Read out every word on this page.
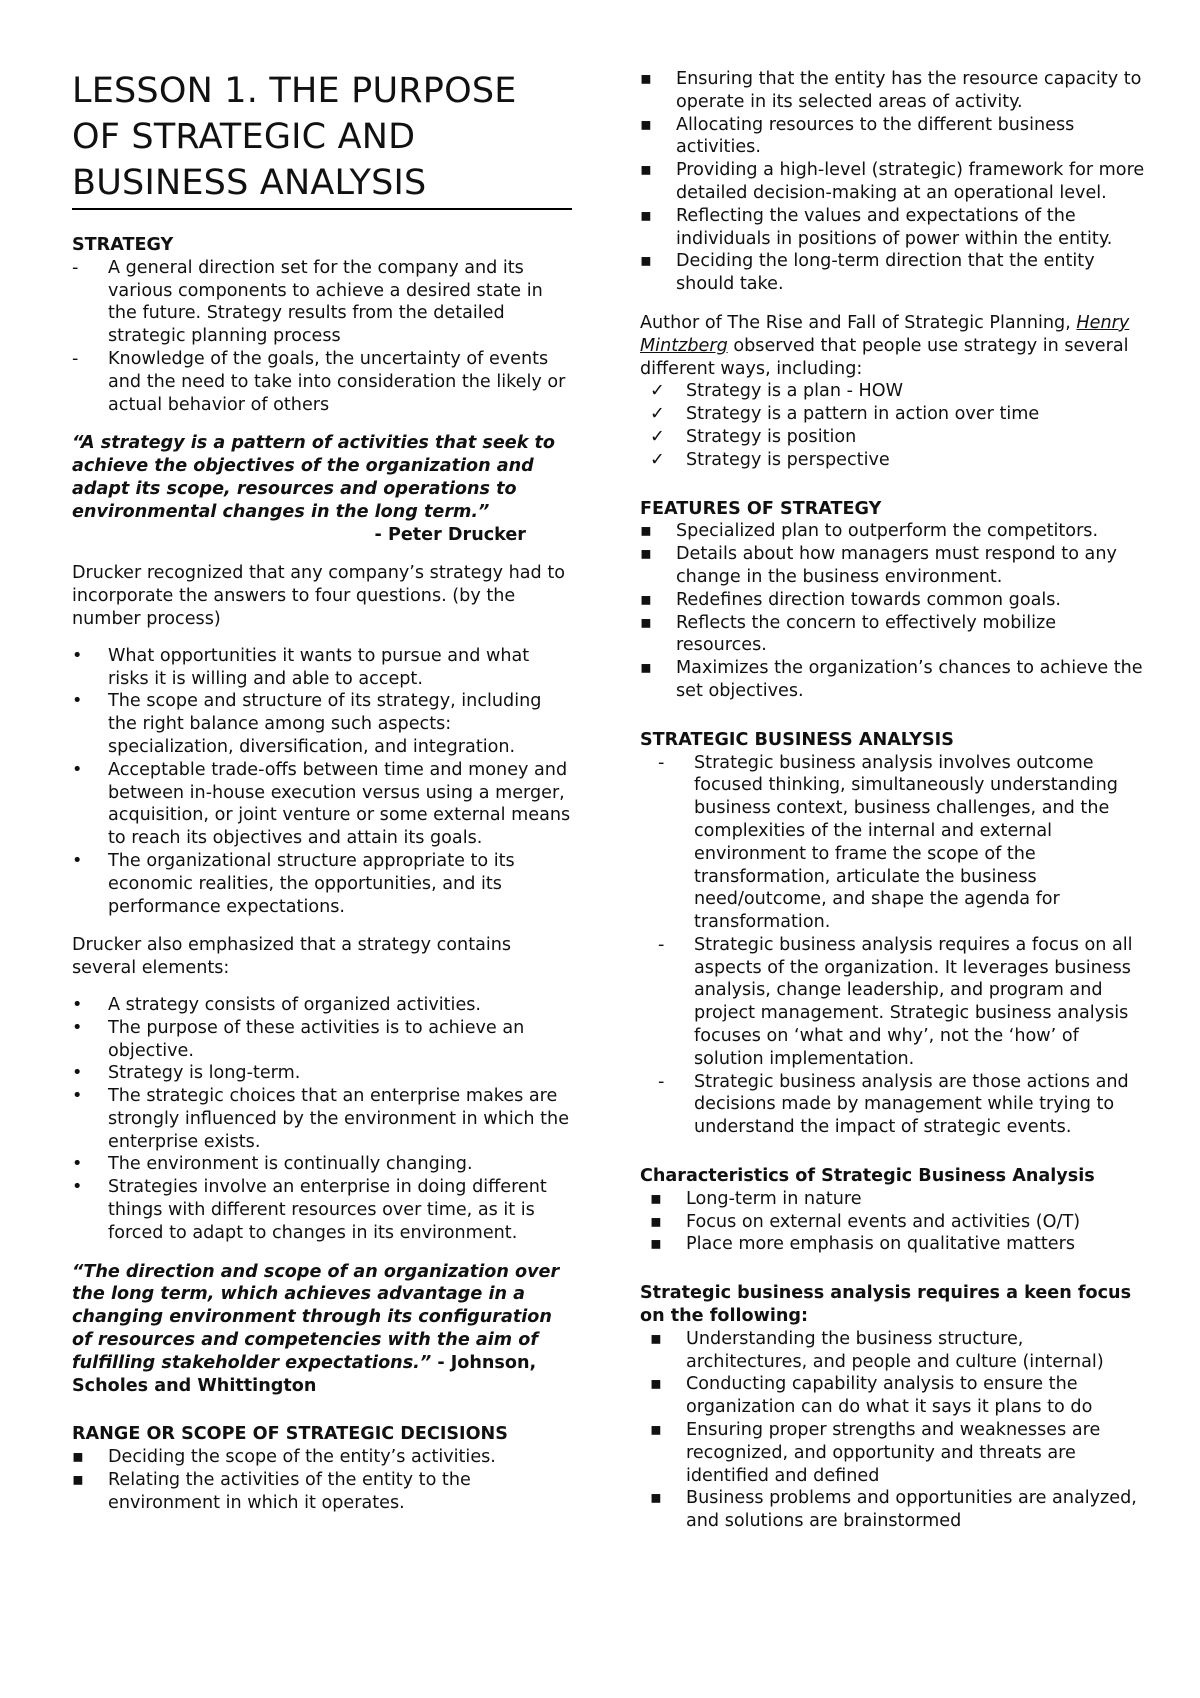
LESSON 1. THE PURPOSE OF STRATEGIC AND BUSINESS ANALYSIS
STRATEGY
-	A general direction set for the company and its various components to achieve a desired state in the future. Strategy results from the detailed strategic planning process
-	Knowledge of the goals, the uncertainty of events and the need to take into consideration the likely or actual behavior of others
“A strategy is a pattern of activities that seek to achieve the objectives of the organization and adapt its scope, resources and operations to environmental changes in the long term.”
- Peter Drucker
Drucker recognized that any company’s strategy had to incorporate the answers to four questions. (by the number process)
•	What opportunities it wants to pursue and what risks it is willing and able to accept.
•	The scope and structure of its strategy, including the right balance among such aspects: specialization, diversification, and integration.
•	Acceptable trade-offs between time and money and between in-house execution versus using a merger, acquisition, or joint venture or some external means to reach its objectives and attain its goals.
•	The organizational structure appropriate to its economic realities, the opportunities, and its performance expectations.
Drucker also emphasized that a strategy contains several elements:
•	A strategy consists of organized activities.
•	The purpose of these activities is to achieve an objective.
•	Strategy is long-term.
•	The strategic choices that an enterprise makes are strongly influenced by the environment in which the enterprise exists.
•	The environment is continually changing.
•	Strategies involve an enterprise in doing different things with different resources over time, as it is forced to adapt to changes in its environment.
“The direction and scope of an organization over the long term, which achieves advantage in a changing environment through its configuration of resources and competencies with the aim of fulfilling stakeholder expectations.” - Johnson, Scholes and Whittington
RANGE OR SCOPE OF STRATEGIC DECISIONS
▪	Deciding the scope of the entity’s activities.
▪	Relating the activities of the entity to the environment in which it operates.
▪	Ensuring that the entity has the resource capacity to operate in its selected areas of activity.
▪	Allocating resources to the different business activities.
▪	Providing a high-level (strategic) framework for more detailed decision-making at an operational level.
▪	Reflecting the values and expectations of the individuals in positions of power within the entity.
▪	Deciding the long-term direction that the entity should take.
Author of The Rise and Fall of Strategic Planning, Henry Mintzberg observed that people use strategy in several different ways, including:
✓	Strategy is a plan - HOW
✓	Strategy is a pattern in action over time
✓	Strategy is position
✓	Strategy is perspective
FEATURES OF STRATEGY
▪	Specialized plan to outperform the competitors.
▪	Details about how managers must respond to any change in the business environment.
▪	Redefines direction towards common goals.
▪	Reflects the concern to effectively mobilize resources.
▪	Maximizes the organization’s chances to achieve the set objectives.
STRATEGIC BUSINESS ANALYSIS
-	Strategic business analysis involves outcome focused thinking, simultaneously understanding business context, business challenges, and the complexities of the internal and external environment to frame the scope of the transformation, articulate the business need/outcome, and shape the agenda for transformation.
-	Strategic business analysis requires a focus on all aspects of the organization. It leverages business analysis, change leadership, and program and project management. Strategic business analysis focuses on ‘what and why’, not the ‘how’ of solution implementation.
-	Strategic business analysis are those actions and decisions made by management while trying to understand the impact of strategic events.
Characteristics of Strategic Business Analysis
▪	Long-term in nature
▪	Focus on external events and activities (O/T)
▪	Place more emphasis on qualitative matters
Strategic business analysis requires a keen focus on the following:
▪	Understanding the business structure, architectures, and people and culture (internal)
▪	Conducting capability analysis to ensure the organization can do what it says it plans to do
▪	Ensuring proper strengths and weaknesses are recognized, and opportunity and threats are identified and defined
▪	Business problems and opportunities are analyzed, and solutions are brainstormed
